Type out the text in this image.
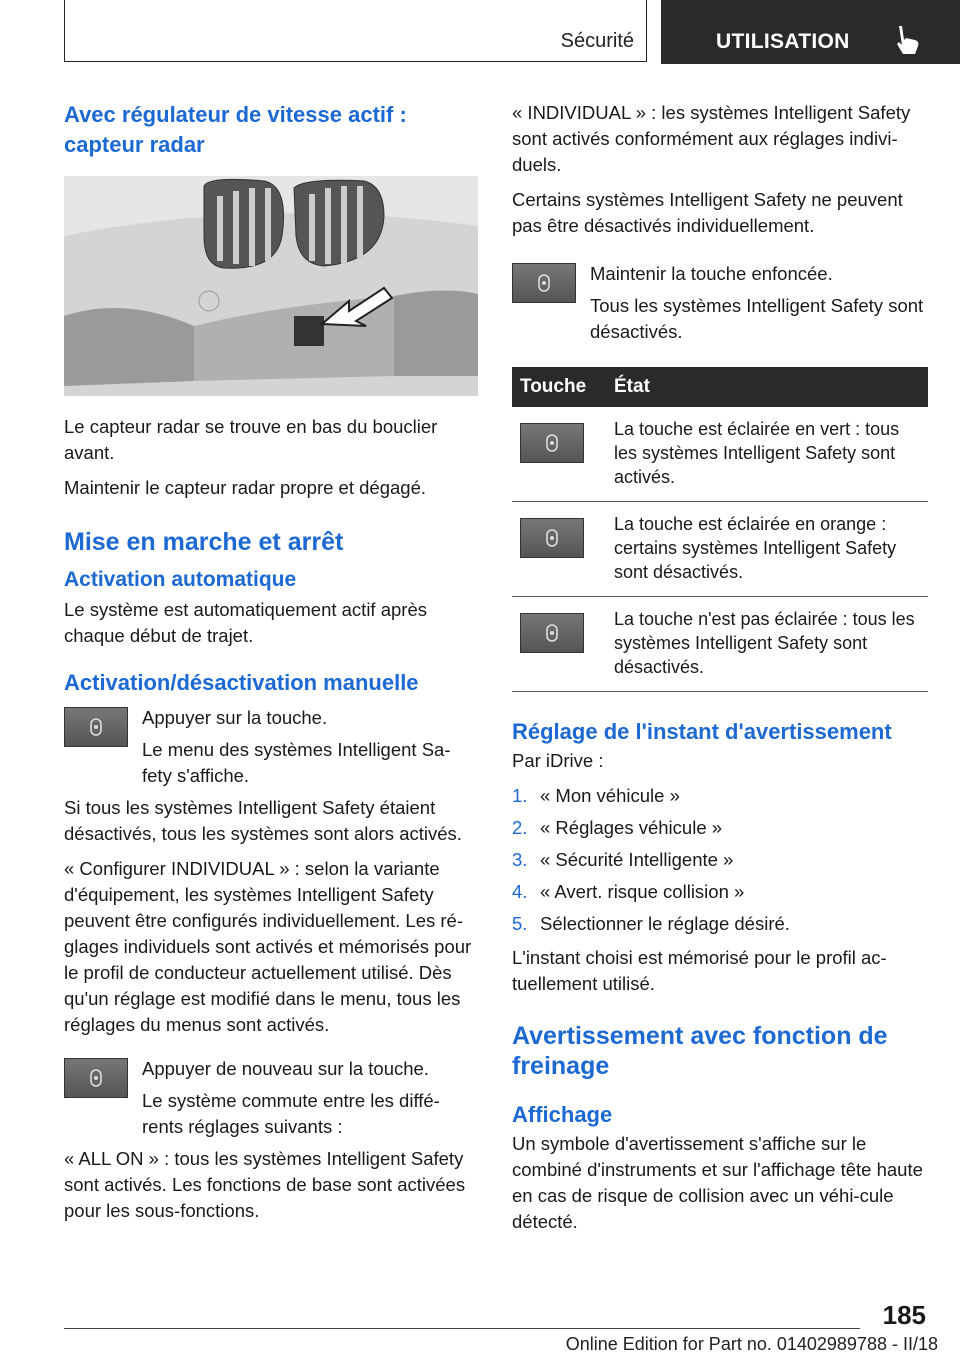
Sécurité	UTILISATION
Avec régulateur de vitesse actif : capteur radar

Le capteur radar se trouve en bas du bouclier avant.

Maintenir le capteur radar propre et dégagé.

Mise en marche et arrêt
Activation automatique

Le système est automatiquement actif après chaque début de trajet.

Activation/désactivation manuelle

Appuyer sur la touche.

Le menu des systèmes Intelligent Sa-fety s'affiche.

Si tous les systèmes Intelligent Safety étaient désactivés, tous les systèmes sont alors activés.

« Configurer INDIVIDUAL » : selon la variante d'équipement, les systèmes Intelligent Safety peuvent être configurés individuellement. Les ré-glages individuels sont activés et mémorisés pour le profil de conducteur actuellement utilisé. Dès qu'un réglage est modifié dans le menu, tous les réglages du menus sont activés.

Appuyer de nouveau sur la touche.

Le système commute entre les diffé-rents réglages suivants :

« ALL ON » : tous les systèmes Intelligent Safety sont activés. Les fonctions de base sont activées pour les sous-fonctions.

« INDIVIDUAL » : les systèmes Intelligent Safety sont activés conformément aux réglages indivi-duels.

Certains systèmes Intelligent Safety ne peuvent pas être désactivés individuellement.

Maintenir la touche enfoncée.

Tous les systèmes Intelligent Safety sont désactivés.

Touche	État

	La touche est éclairée en vert : tous les systèmes Intelligent Safety sont activés.

	La touche est éclairée en orange : certains systèmes Intelligent Safety sont désactivés.

	La touche n'est pas éclairée : tous les systèmes Intelligent Safety sont désactivés.
Réglage de l'instant d'avertissement

Par iDrive :

1. « Mon véhicule »
2. « Réglages véhicule »
3. « Sécurité Intelligente »
4. « Avert. risque collision »
5. Sélectionner le réglage désiré.

L'instant choisi est mémorisé pour le profil ac-tuellement utilisé.

Avertissement avec fonction de freinage
Affichage

Un symbole d'avertissement s'affiche sur le combiné d'instruments et sur l'affichage tête haute en cas de risque de collision avec un véhi-cule détecté.

185
Online Edition for Part no. 01402989788 - II/18
